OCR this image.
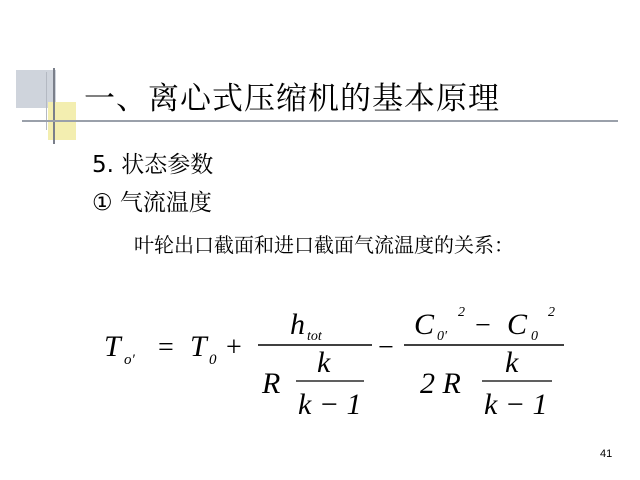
一、离心式压缩机的基本原理
5. 状态参数
① 气流温度
叶轮出口截面和进口截面气流温度的关系：
T o′ = T 0 +
h tot
R
k
k − 1
−
C 0′
2 − C 0
2
2 R
k
k − 1
41
